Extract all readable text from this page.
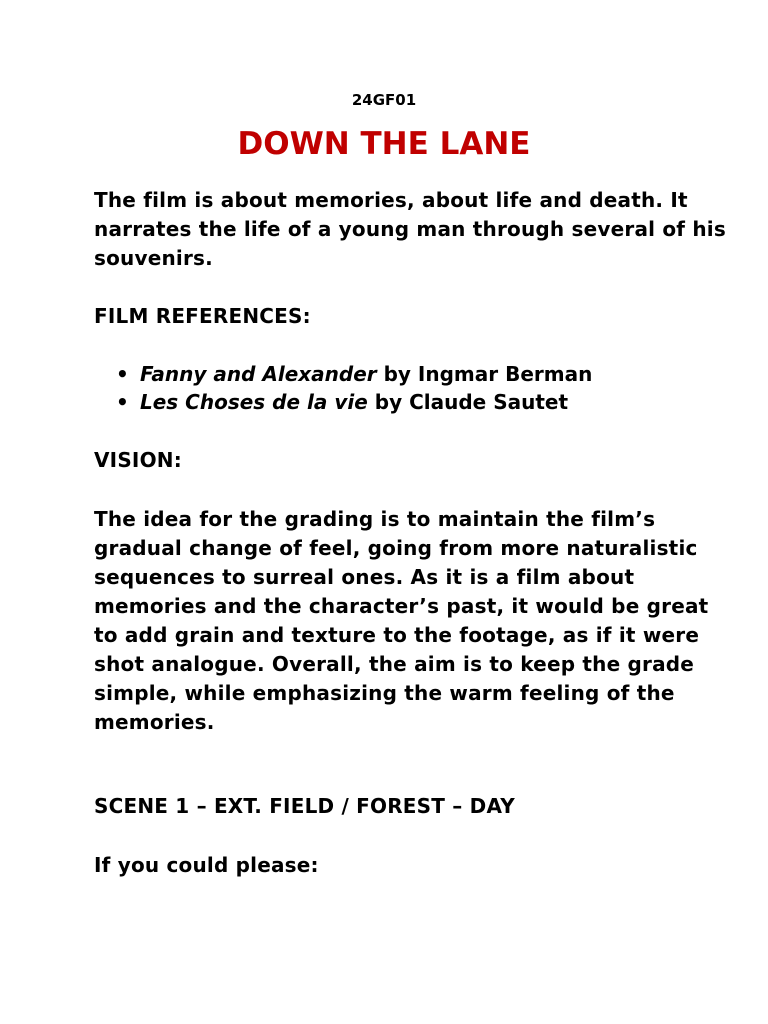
24GF01
DOWN THE LANE

The film is about memories, about life and death. It narrates the life of a young man through several of his souvenirs.

FILM REFERENCES:

• Fanny and Alexander by Ingmar Berman
• Les Choses de la vie by Claude Sautet

VISION:

The idea for the grading is to maintain the film’s gradual change of feel, going from more naturalistic sequences to surreal ones. As it is a film about memories and the character’s past, it would be great to add grain and texture to the footage, as if it were shot analogue. Overall, the aim is to keep the grade simple, while emphasizing the warm feeling of the memories.

SCENE 1 – EXT. FIELD / FOREST – DAY

If you could please:
